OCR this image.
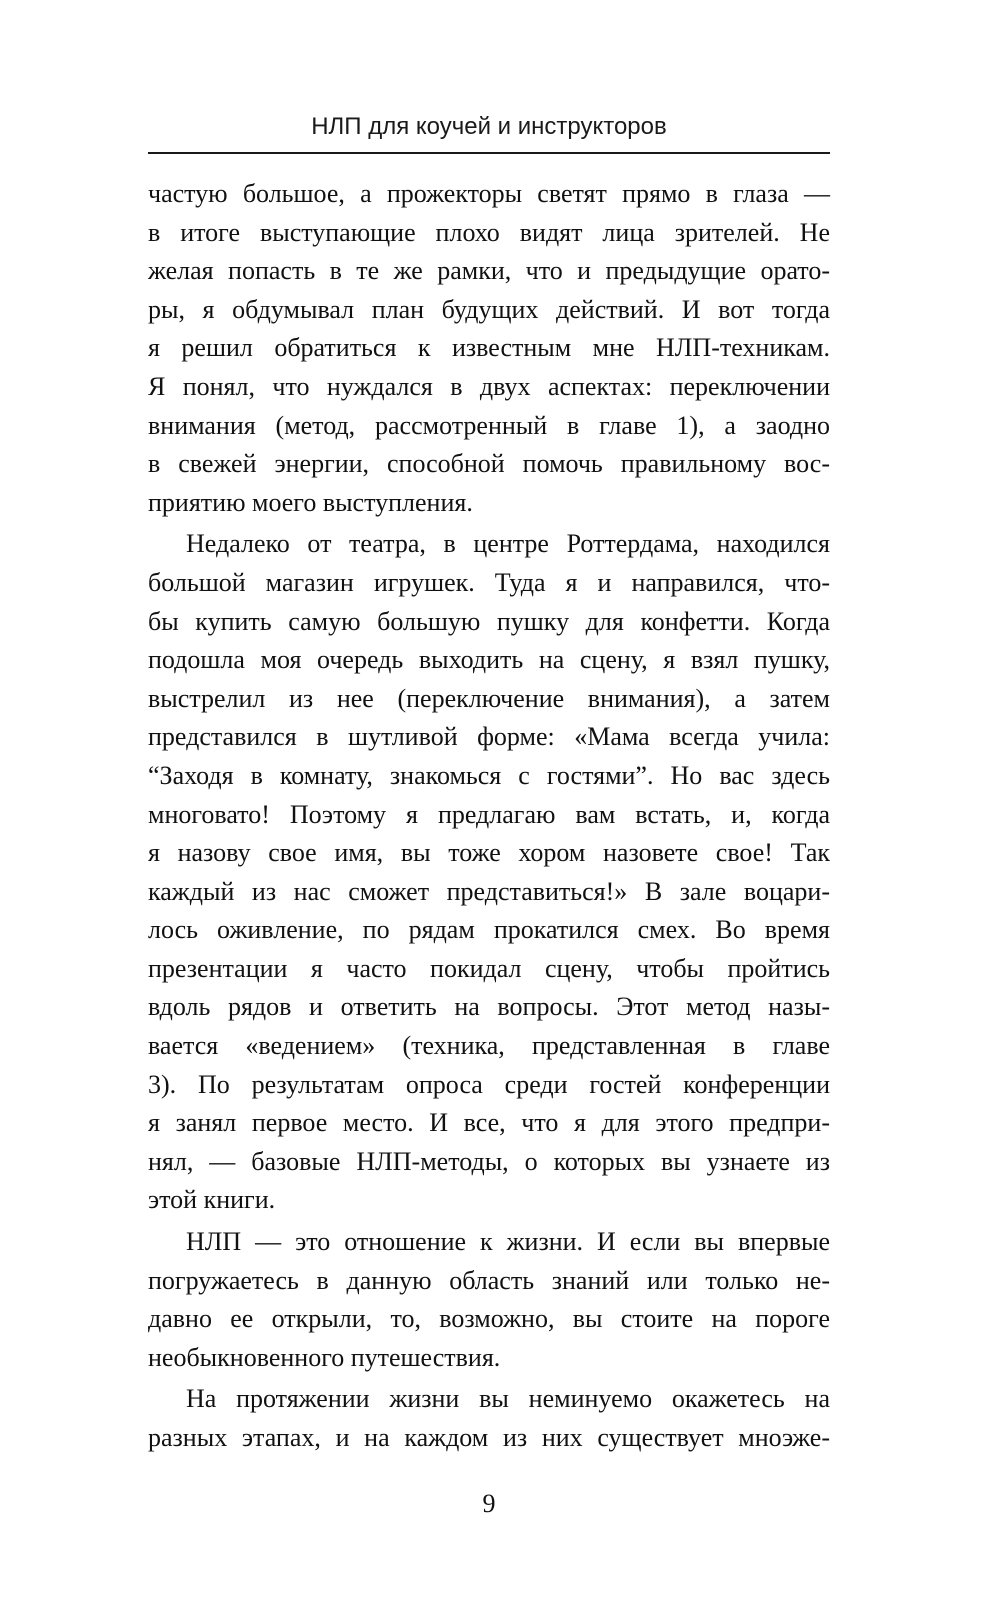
НЛП для коучей и инструкторов

частую большое, а прожекторы светят прямо в глаза —
в итоге выступающие плохо видят лица зрителей. Не
желая попасть в те же рамки, что и предыдущие орато-
ры, я обдумывал план будущих действий. И вот тогда
я решил обратиться к известным мне НЛП-техникам.
Я понял, что нуждался в двух аспектах: переключении
внимания (метод, рассмотренный в главе 1), а заодно
в свежей энергии, способной помочь правильному вос-
приятию моего выступления.

Недалеко от театра, в центре Роттердама, находился
большой магазин игрушек. Туда я и направился, что-
бы купить самую большую пушку для конфетти. Когда
подошла моя очередь выходить на сцену, я взял пушку,
выстрелил из нее (переключение внимания), а затем
представился в шутливой форме: «Мама всегда учила:
“Заходя в комнату, знакомься с гостями”. Но вас здесь
многовато! Поэтому я предлагаю вам встать, и, когда
я назову свое имя, вы тоже хором назовете свое! Так
каждый из нас сможет представиться!» В зале воцари-
лось оживление, по рядам прокатился смех. Во время
презентации я часто покидал сцену, чтобы пройтись
вдоль рядов и ответить на вопросы. Этот метод назы-
вается «ведением» (техника, представленная в главе
3). По результатам опроса среди гостей конференции
я занял первое место. И все, что я для этого предпри-
нял, — базовые НЛП-методы, о которых вы узнаете из
этой книги.

НЛП — это отношение к жизни. И если вы впервые
погружаетесь в данную область знаний или только не-
давно ее открыли, то, возможно, вы стоите на пороге
необыкновенного путешествия.

На протяжении жизни вы неминуемо окажетесь на
разных этапах, и на каждом из них существует мноэже-

9
